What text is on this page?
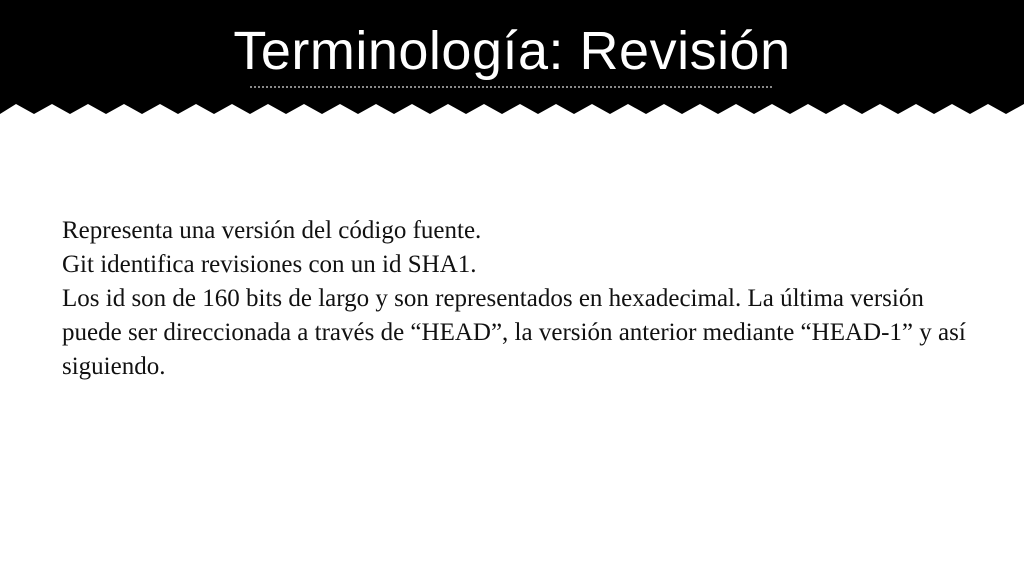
Terminología: Revisión

Representa una versión del código fuente.

Git identifica revisiones con un id SHA1.

Los id son de 160 bits de largo y son representados en hexadecimal. La última versión puede ser direccionada a través de “HEAD”, la versión anterior mediante “HEAD-1” y así siguiendo.
